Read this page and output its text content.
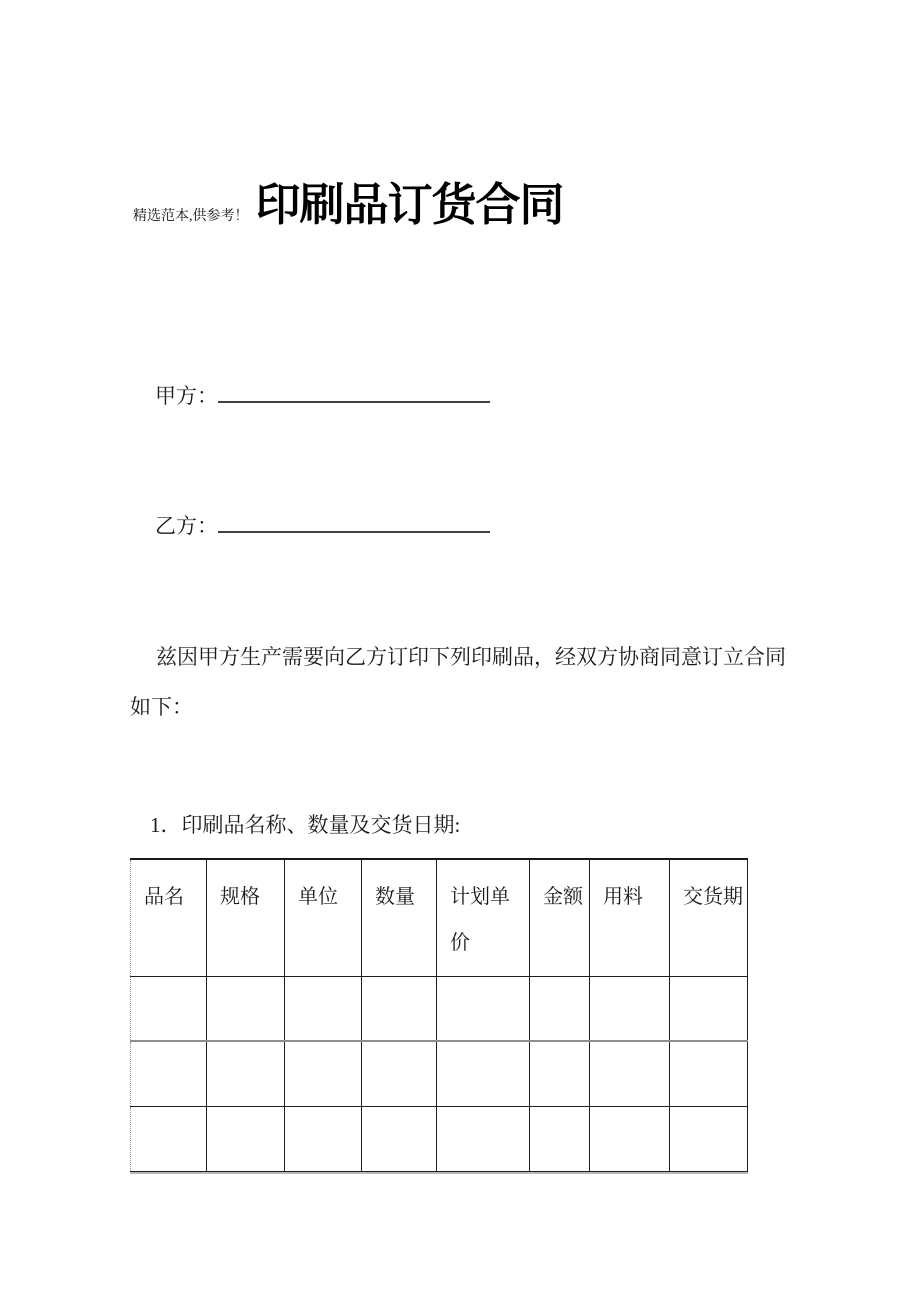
精选范本,供参考！ 印刷品订货合同
甲方：
乙方：

兹因甲方生产需要向乙方订印下列印刷品，经双方协商同意订立合同如下：

1．印刷品名称、数量及交货日期:
品名	规格	单位	数量	计划单价	金额	用料	交货期
